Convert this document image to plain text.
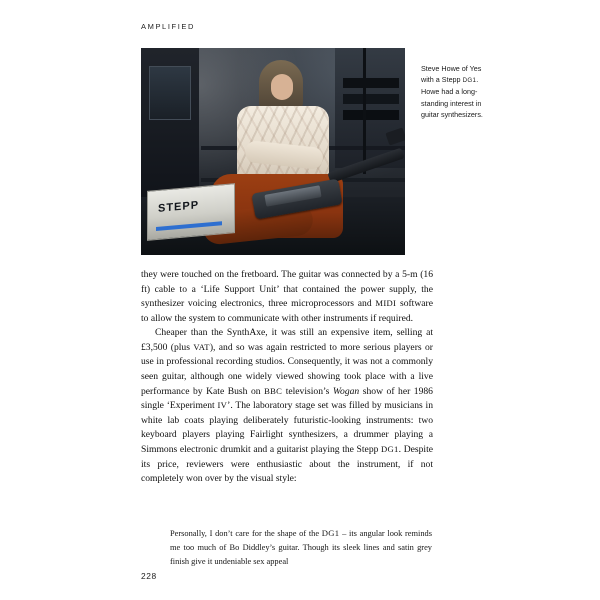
AMPLIFIED
STEPP
Steve Howe of Yes
with a Stepp DG1.
Howe had a long-
standing interest in
guitar synthesizers.

they were touched on the fretboard. The guitar was connected by a 5-m (16 ft) cable to a ‘Life Support Unit’ that contained the power supply, the synthesizer voicing electronics, three microprocessors and MIDI software to allow the system to communicate with other instruments if required.

Cheaper than the SynthAxe, it was still an expensive item, selling at £3,500 (plus VAT), and so was again restricted to more serious players or use in professional recording studios. Consequently, it was not a commonly seen guitar, although one widely viewed showing took place with a live performance by Kate Bush on BBC television’s Wogan show of her 1986 single ‘Experiment IV’. The laboratory stage set was filled by musicians in white lab coats playing deliberately futuristic-looking instruments: two keyboard players playing Fairlight synthesizers, a drummer playing a Simmons electronic drumkit and a guitarist playing the Stepp DG1. Despite its price, reviewers were enthusiastic about the instrument, if not completely won over by the visual style:

Personally, I don’t care for the shape of the DG1 – its angular look reminds me too much of Bo Diddley’s guitar. Though its sleek lines and satin grey finish give it undeniable sex appeal

228
